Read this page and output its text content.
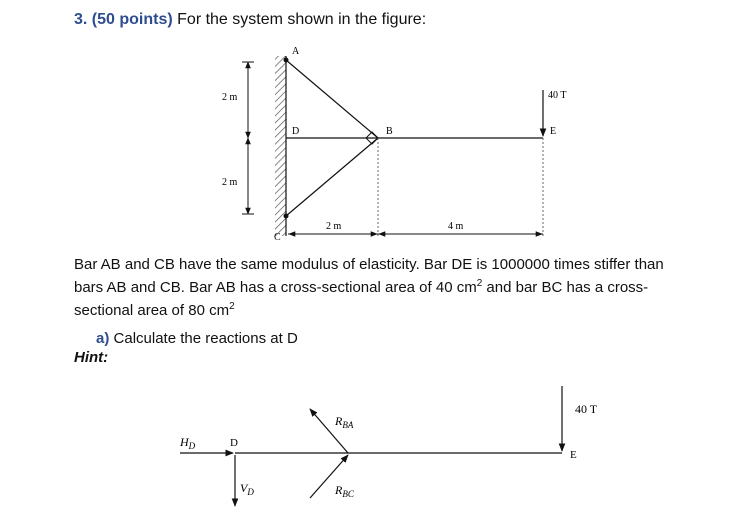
3. (50 points) For the system shown in the figure:
2 m
2 m
40 T
2 m	4 m
A
B
C
D	E
Bar AB and CB have the same modulus of elasticity. Bar DE is 1000000 times stiffer than
bars AB and CB. Bar AB has a cross-sectional area of 40 $cm^2$ and bar BC has a cross-
sectional area of 80 $cm^2$
a) Calculate the reactions at D
Hint:
$H_D$	D
$V_D$
$R_{BA}$
$R_{BC}$
40 T
E
